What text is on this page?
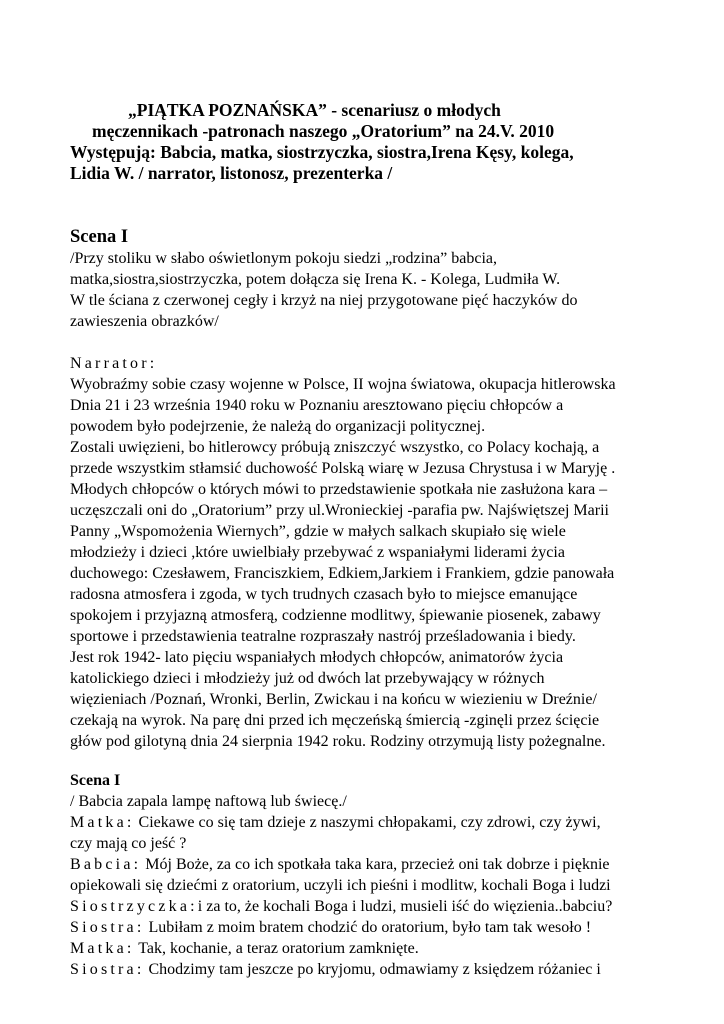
„PIĄTKA POZNAŃSKA” - scenariusz o młodych
męczennikach -patronach naszego „Oratorium” na 24.V. 2010
Występują: Babcia, matka, siostrzyczka, siostra,Irena Kęsy, kolega,
Lidia W. / narrator, listonosz, prezenterka /
Scena I
/Przy stoliku w słabo oświetlonym pokoju siedzi „rodzina” babcia,
matka,siostra,siostrzyczka, potem dołącza się Irena K. - Kolega, Ludmiła W.
W tle ściana z czerwonej cegły i krzyż na niej przygotowane pięć haczyków do
zawieszenia obrazków/
Narrator:
Wyobraźmy sobie czasy wojenne w Polsce, II wojna światowa, okupacja hitlerowska
Dnia 21 i 23 września 1940 roku w Poznaniu aresztowano pięciu chłopców a
powodem było podejrzenie, że należą do organizacji politycznej.
Zostali uwięzieni, bo hitlerowcy próbują zniszczyć wszystko, co Polacy kochają, a
przede wszystkim stłamsić duchowość Polską wiarę w Jezusa Chrystusa i w Maryję .
Młodych chłopców o których mówi to przedstawienie spotkała nie zasłużona kara –
uczęszczali oni do „Oratorium” przy ul.Wronieckiej -parafia pw. Najświętszej Marii
Panny „Wspomożenia Wiernych”, gdzie w małych salkach skupiało się wiele
młodzieży i dzieci ,które uwielbiały przebywać z wspaniałymi liderami życia
duchowego: Czesławem, Franciszkiem, Edkiem,Jarkiem i Frankiem, gdzie panowała
radosna atmosfera i zgoda, w tych trudnych czasach było to miejsce emanujące
spokojem i przyjazną atmosferą, codzienne modlitwy, śpiewanie piosenek, zabawy
sportowe i przedstawienia teatralne rozpraszały nastrój prześladowania i biedy.
Jest rok 1942- lato pięciu wspaniałych młodych chłopców, animatorów życia
katolickiego dzieci i młodzieży już od dwóch lat przebywający w różnych
więzieniach /Poznań, Wronki, Berlin, Zwickau i na końcu w wiezieniu w Dreźnie/
czekają na wyrok. Na parę dni przed ich męczeńską śmiercią -zginęli przez ścięcie
głów pod gilotyną dnia 24 sierpnia 1942 roku. Rodziny otrzymują listy pożegnalne.
Scena I
/ Babcia zapala lampę naftową lub świecę./
Matka: Ciekawe co się tam dzieje z naszymi chłopakami, czy zdrowi, czy żywi,
czy mają co jeść ?
Babcia: Mój Boże, za co ich spotkała taka kara, przecież oni tak dobrze i pięknie
opiekowali się dziećmi z oratorium, uczyli ich pieśni i modlitw, kochali Boga i ludzi
Siostrzyczka:i za to, że kochali Boga i ludzi, musieli iść do więzienia..babciu?
Siostra: Lubiłam z moim bratem chodzić do oratorium, było tam tak wesoło !
Matka: Tak, kochanie, a teraz oratorium zamknięte.
Siostra: Chodzimy tam jeszcze po kryjomu, odmawiamy z księdzem różaniec i
